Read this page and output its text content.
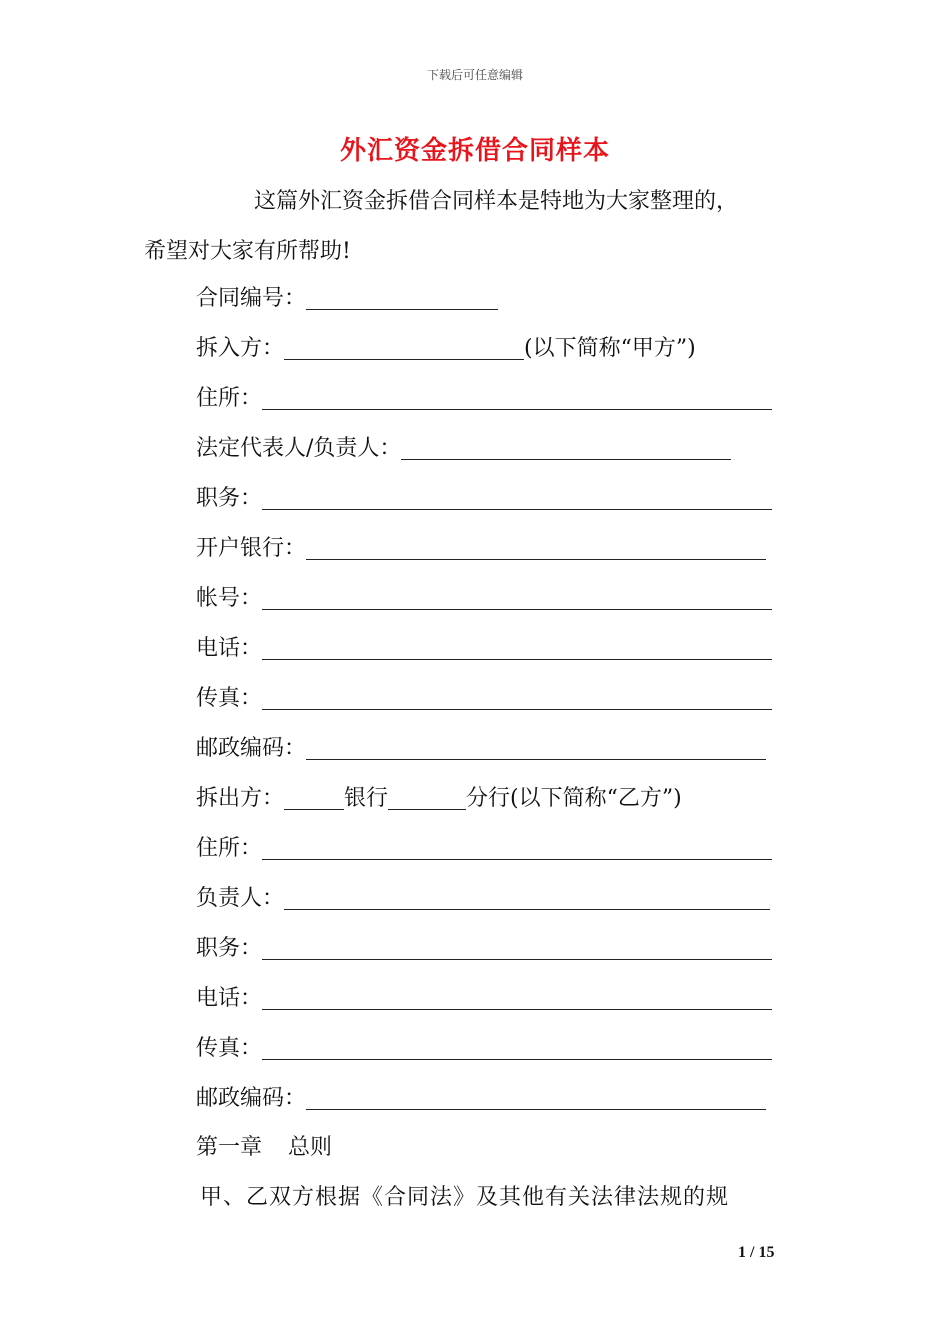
下载后可任意编辑
外汇资金拆借合同样本
这篇外汇资金拆借合同样本是特地为大家整理的，
希望对大家有所帮助!
合同编号：
拆入方：	(以下简称“甲方”)
住所：
法定代表人/负责人：
职务：
开户银行：
帐号：
电话：
传真：
邮政编码：
拆出方：	银行	分行(以下简称“乙方”)
住所：
负责人：
职务：
电话：
传真：
邮政编码：
第一章 总则
甲、乙双方根据《合同法》及其他有关法律法规的规
1 / 15
